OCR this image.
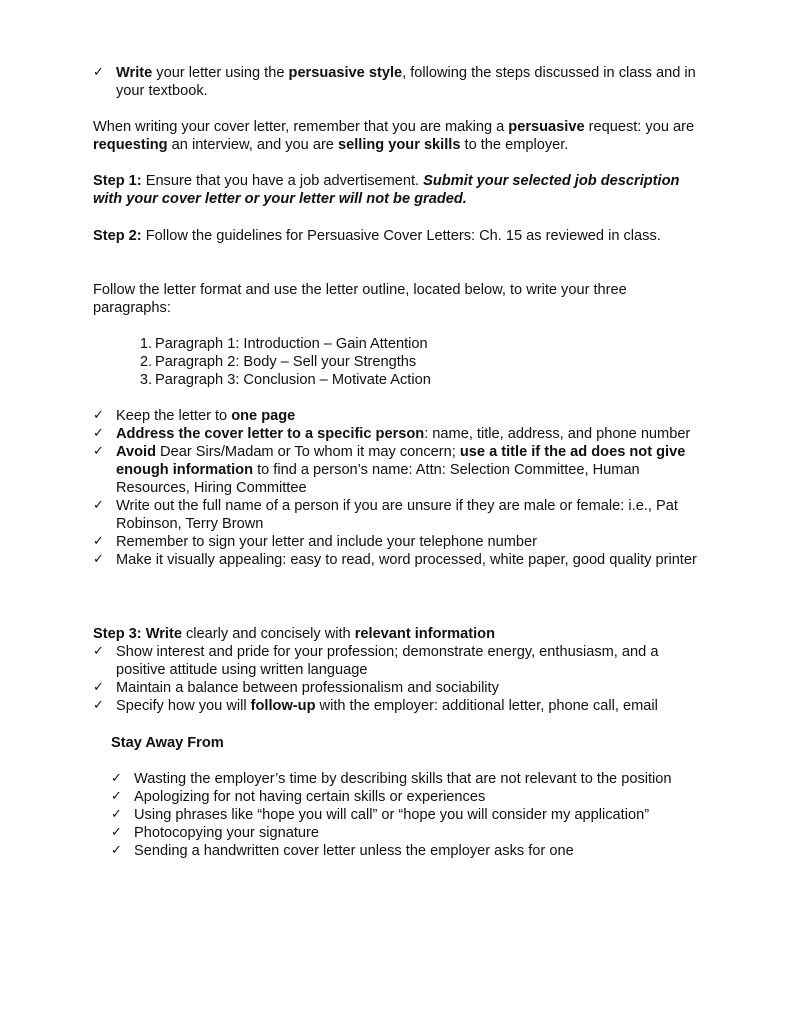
✓ Write your letter using the persuasive style, following the steps discussed in class and in your textbook.

When writing your cover letter, remember that you are making a persuasive request: you are requesting an interview, and you are selling your skills to the employer.

Step 1: Ensure that you have a job advertisement. Submit your selected job description with your cover letter or your letter will not be graded.

Step 2: Follow the guidelines for Persuasive Cover Letters: Ch. 15 as reviewed in class.

Follow the letter format and use the letter outline, located below, to write your three paragraphs:

1. Paragraph 1: Introduction – Gain Attention
2. Paragraph 2: Body – Sell your Strengths
3. Paragraph 3: Conclusion – Motivate Action
✓ Keep the letter to one page
✓ Address the cover letter to a specific person: name, title, address, and phone number
✓ Avoid Dear Sirs/Madam or To whom it may concern; use a title if the ad does not give enough information to find a person’s name: Attn: Selection Committee, Human Resources, Hiring Committee
✓ Write out the full name of a person if you are unsure if they are male or female: i.e., Pat Robinson, Terry Brown
✓ Remember to sign your letter and include your telephone number
✓ Make it visually appealing: easy to read, word processed, white paper, good quality printer

Step 3: Write clearly and concisely with relevant information

✓ Show interest and pride for your profession; demonstrate energy, enthusiasm, and a positive attitude using written language
✓ Maintain a balance between professionalism and sociability
✓ Specify how you will follow-up with the employer: additional letter, phone call, email

Stay Away From

✓ Wasting the employer’s time by describing skills that are not relevant to the position
✓ Apologizing for not having certain skills or experiences
✓ Using phrases like “hope you will call” or “hope you will consider my application”
✓ Photocopying your signature
✓ Sending a handwritten cover letter unless the employer asks for one
